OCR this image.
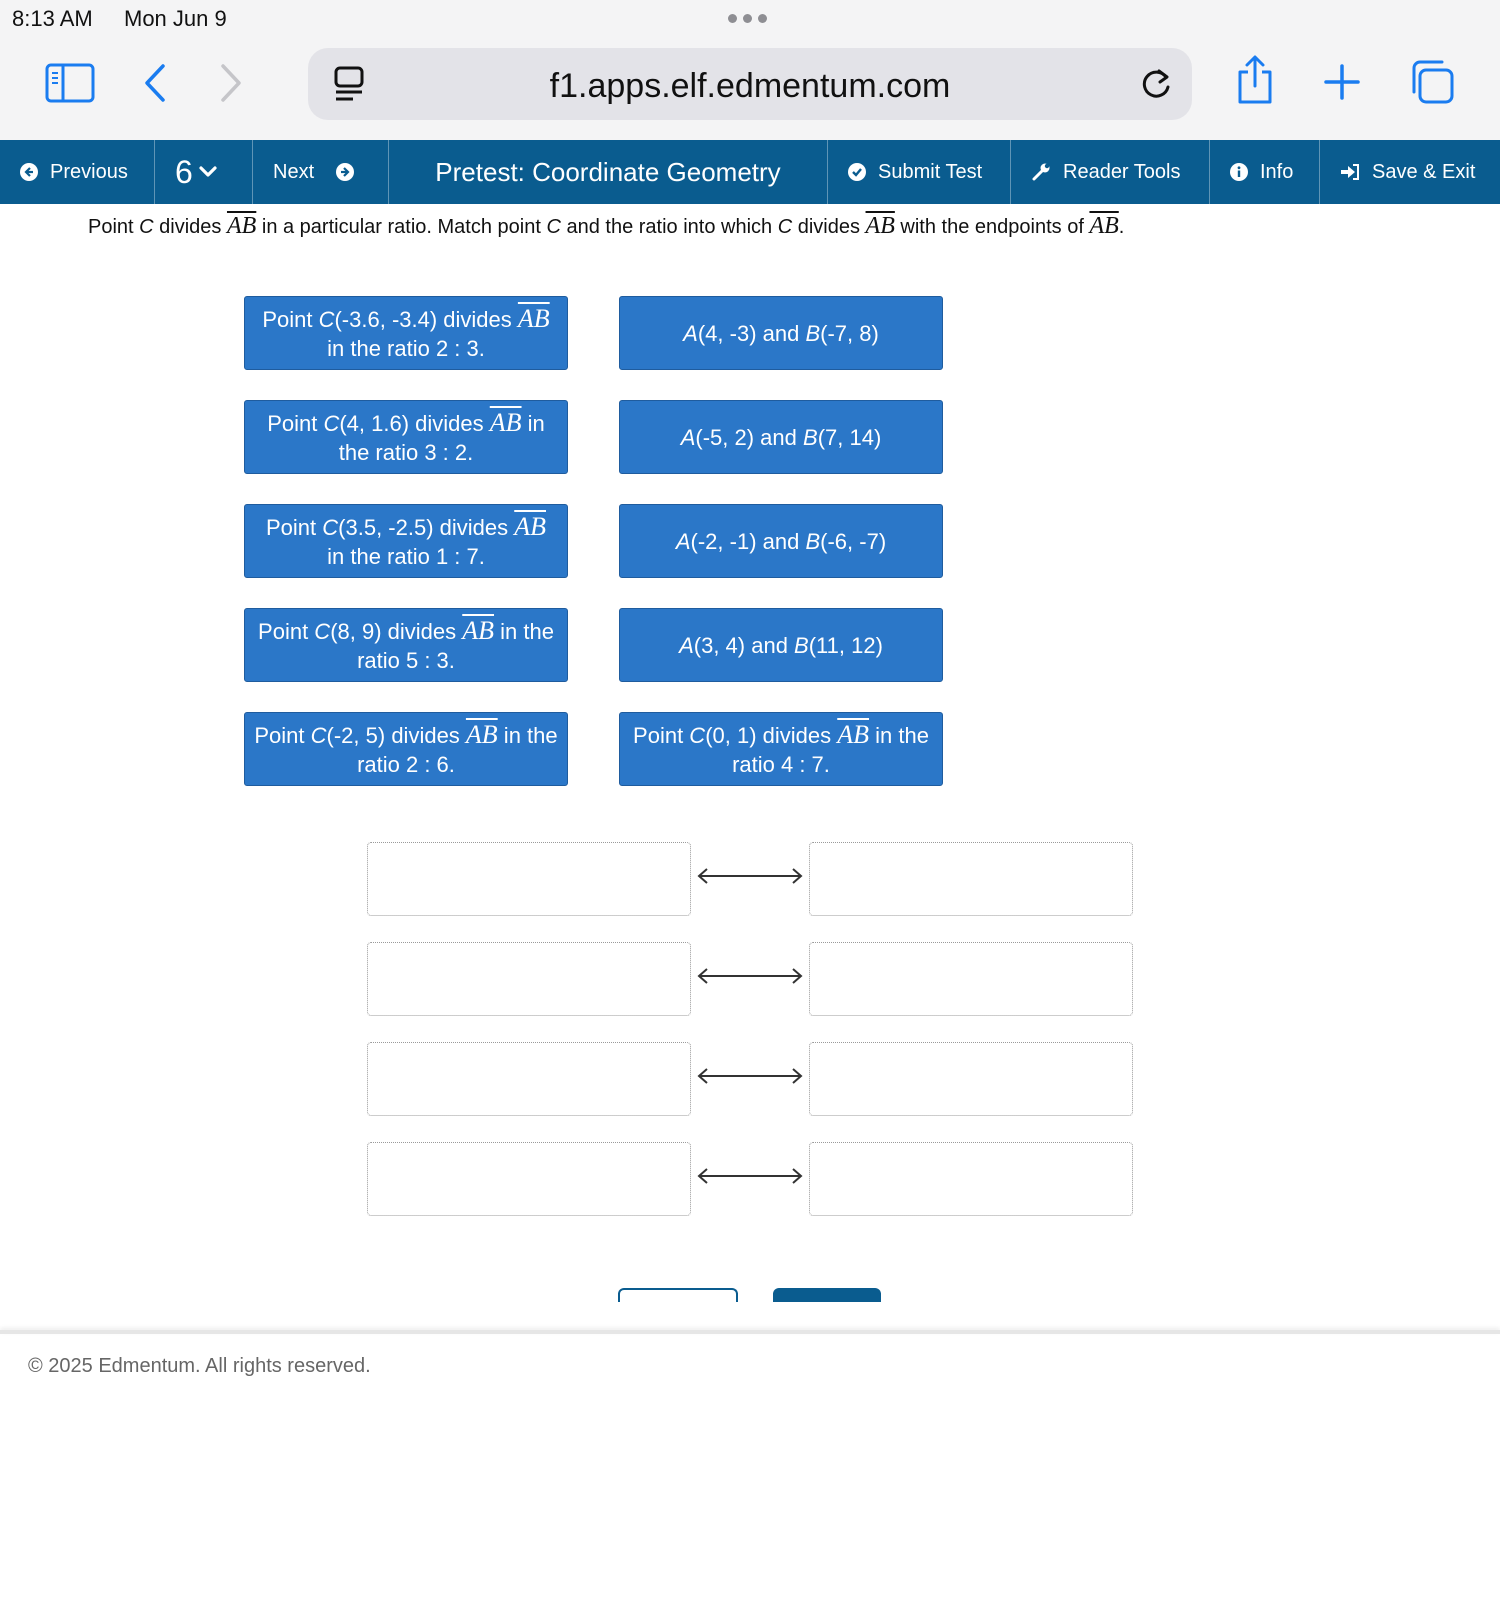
8:13 AM Mon Jun 9
f1.apps.elf.edmentum.com
Previous 6	Next	Pretest: Coordinate Geometry	Submit Test	Reader Tools	Info	Save & Exit
Point C divides $\overline{AB}$ in a particular ratio. Match point C and the ratio into which C divides $\overline{AB}$ with the endpoints of $\overline{AB}$.
Point C(-3.6, -3.4) divides $\overline{AB}$
in the ratio 2 : 3.
A(4, -3) and B(-7, 8)
Point C(4, 1.6) divides $\overline{AB}$ in the ratio 3 : 2.
A(-5, 2) and B(7, 14)
Point C(3.5, -2.5) divides $\overline{AB}$
in the ratio 1 : 7.
A(-2, -1) and B(-6, -7)
Point C(8, 9) divides $\overline{AB}$ in the ratio 5 : 3.
A(3, 4) and B(11, 12)
Point C(-2, 5) divides $\overline{AB}$ in the ratio 2 : 6.
Point C(0, 1) divides $\overline{AB}$ in the ratio 4 : 7.
© 2025 Edmentum. All rights reserved.
